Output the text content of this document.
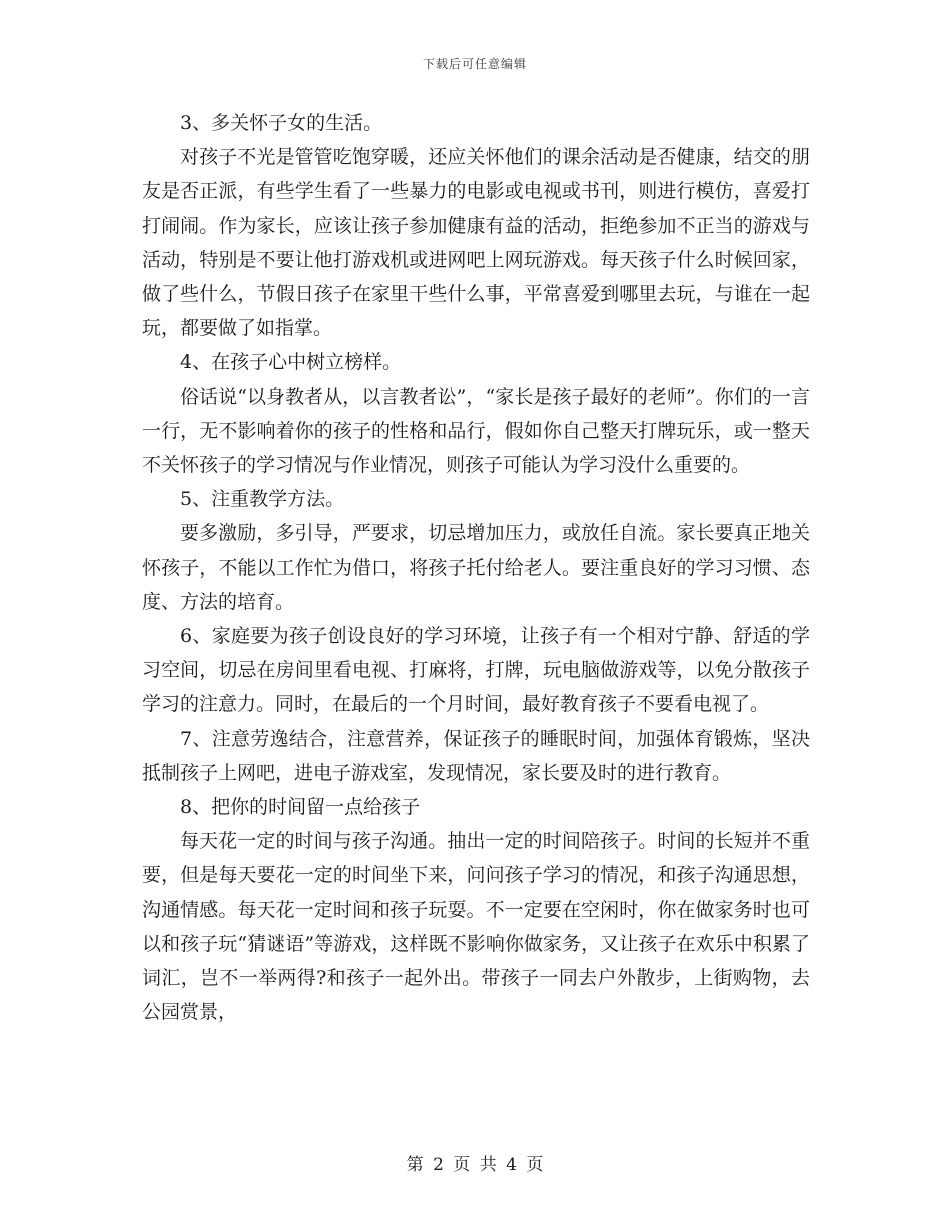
下载后可任意编辑

3、多关怀子女的生活。

对孩子不光是管管吃饱穿暖，还应关怀他们的课余活动是否健康，结交的朋友是否正派，有些学生看了一些暴力的电影或电视或书刊，则进行模仿，喜爱打打闹闹。作为家长，应该让孩子参加健康有益的活动，拒绝参加不正当的游戏与活动，特别是不要让他打游戏机或进网吧上网玩游戏。每天孩子什么时候回家，做了些什么，节假日孩子在家里干些什么事，平常喜爱到哪里去玩，与谁在一起玩，都要做了如指掌。

4、在孩子心中树立榜样。

俗话说“以身教者从，以言教者讼”，“家长是孩子最好的老师”。你们的一言一行，无不影响着你的孩子的性格和品行，假如你自己整天打牌玩乐，或一整天不关怀孩子的学习情况与作业情况，则孩子可能认为学习没什么重要的。

5、注重教学方法。

要多激励，多引导，严要求，切忌增加压力，或放任自流。家长要真正地关怀孩子，不能以工作忙为借口，将孩子托付给老人。要注重良好的学习习惯、态度、方法的培育。

6、家庭要为孩子创设良好的学习环境，让孩子有一个相对宁静、舒适的学习空间，切忌在房间里看电视、打麻将，打牌，玩电脑做游戏等，以免分散孩子学习的注意力。同时，在最后的一个月时间，最好教育孩子不要看电视了。

7、注意劳逸结合，注意营养，保证孩子的睡眠时间，加强体育锻炼，坚决抵制孩子上网吧，进电子游戏室，发现情况，家长要及时的进行教育。

8、把你的时间留一点给孩子

每天花一定的时间与孩子沟通。抽出一定的时间陪孩子。时间的长短并不重要，但是每天要花一定的时间坐下来，问问孩子学习的情况，和孩子沟通思想，沟通情感。每天花一定时间和孩子玩耍。不一定要在空闲时，你在做家务时也可以和孩子玩“猜谜语”等游戏，这样既不影响你做家务，又让孩子在欢乐中积累了词汇，岂不一举两得?和孩子一起外出。带孩子一同去户外散步，上街购物，去公园赏景，

第 2 页 共 4 页
